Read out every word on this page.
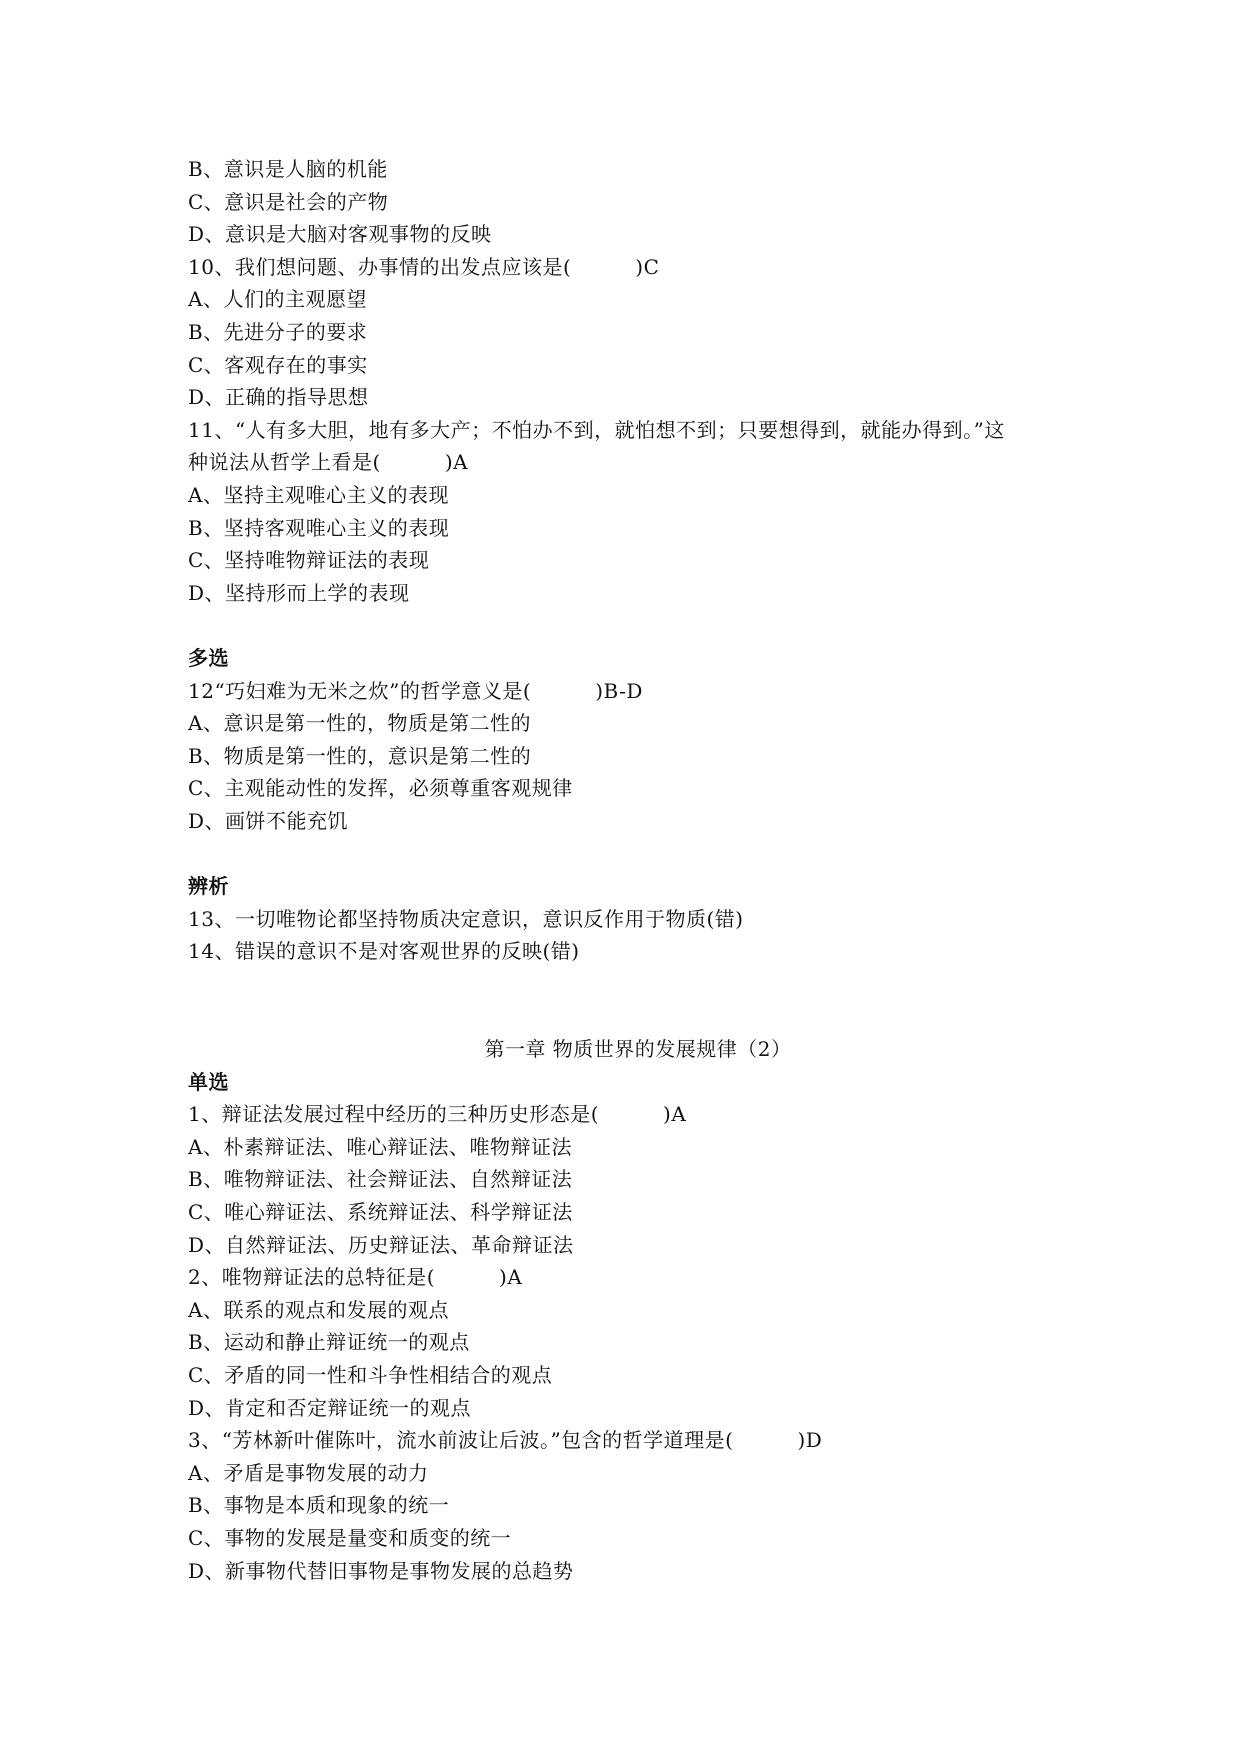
B、意识是人脑的机能
C、意识是社会的产物
D、意识是大脑对客观事物的反映
10、我们想问题、办事情的出发点应该是(	)C
A、人们的主观愿望
B、先进分子的要求
C、客观存在的事实
D、正确的指导思想
11、“人有多大胆，地有多大产；不怕办不到，就怕想不到；只要想得到，就能办得到。”这
种说法从哲学上看是(	)A
A、坚持主观唯心主义的表现
B、坚持客观唯心主义的表现
C、坚持唯物辩证法的表现
D、坚持形而上学的表现
多选
12“巧妇难为无米之炊”的哲学意义是(	)B-D
A、意识是第一性的，物质是第二性的
B、物质是第一性的，意识是第二性的
C、主观能动性的发挥，必须尊重客观规律
D、画饼不能充饥
辨析
13、一切唯物论都坚持物质决定意识，意识反作用于物质(错)
14、错误的意识不是对客观世界的反映(错)
第一章 物质世界的发展规律（2）
单选
1、辩证法发展过程中经历的三种历史形态是(	)A
A、朴素辩证法、唯心辩证法、唯物辩证法
B、唯物辩证法、社会辩证法、自然辩证法
C、唯心辩证法、系统辩证法、科学辩证法
D、自然辩证法、历史辩证法、革命辩证法
2、唯物辩证法的总特征是(	)A
A、联系的观点和发展的观点
B、运动和静止辩证统一的观点
C、矛盾的同一性和斗争性相结合的观点
D、肯定和否定辩证统一的观点
3、“芳林新叶催陈叶，流水前波让后波。”包含的哲学道理是(	)D
A、矛盾是事物发展的动力
B、事物是本质和现象的统一
C、事物的发展是量变和质变的统一
D、新事物代替旧事物是事物发展的总趋势
